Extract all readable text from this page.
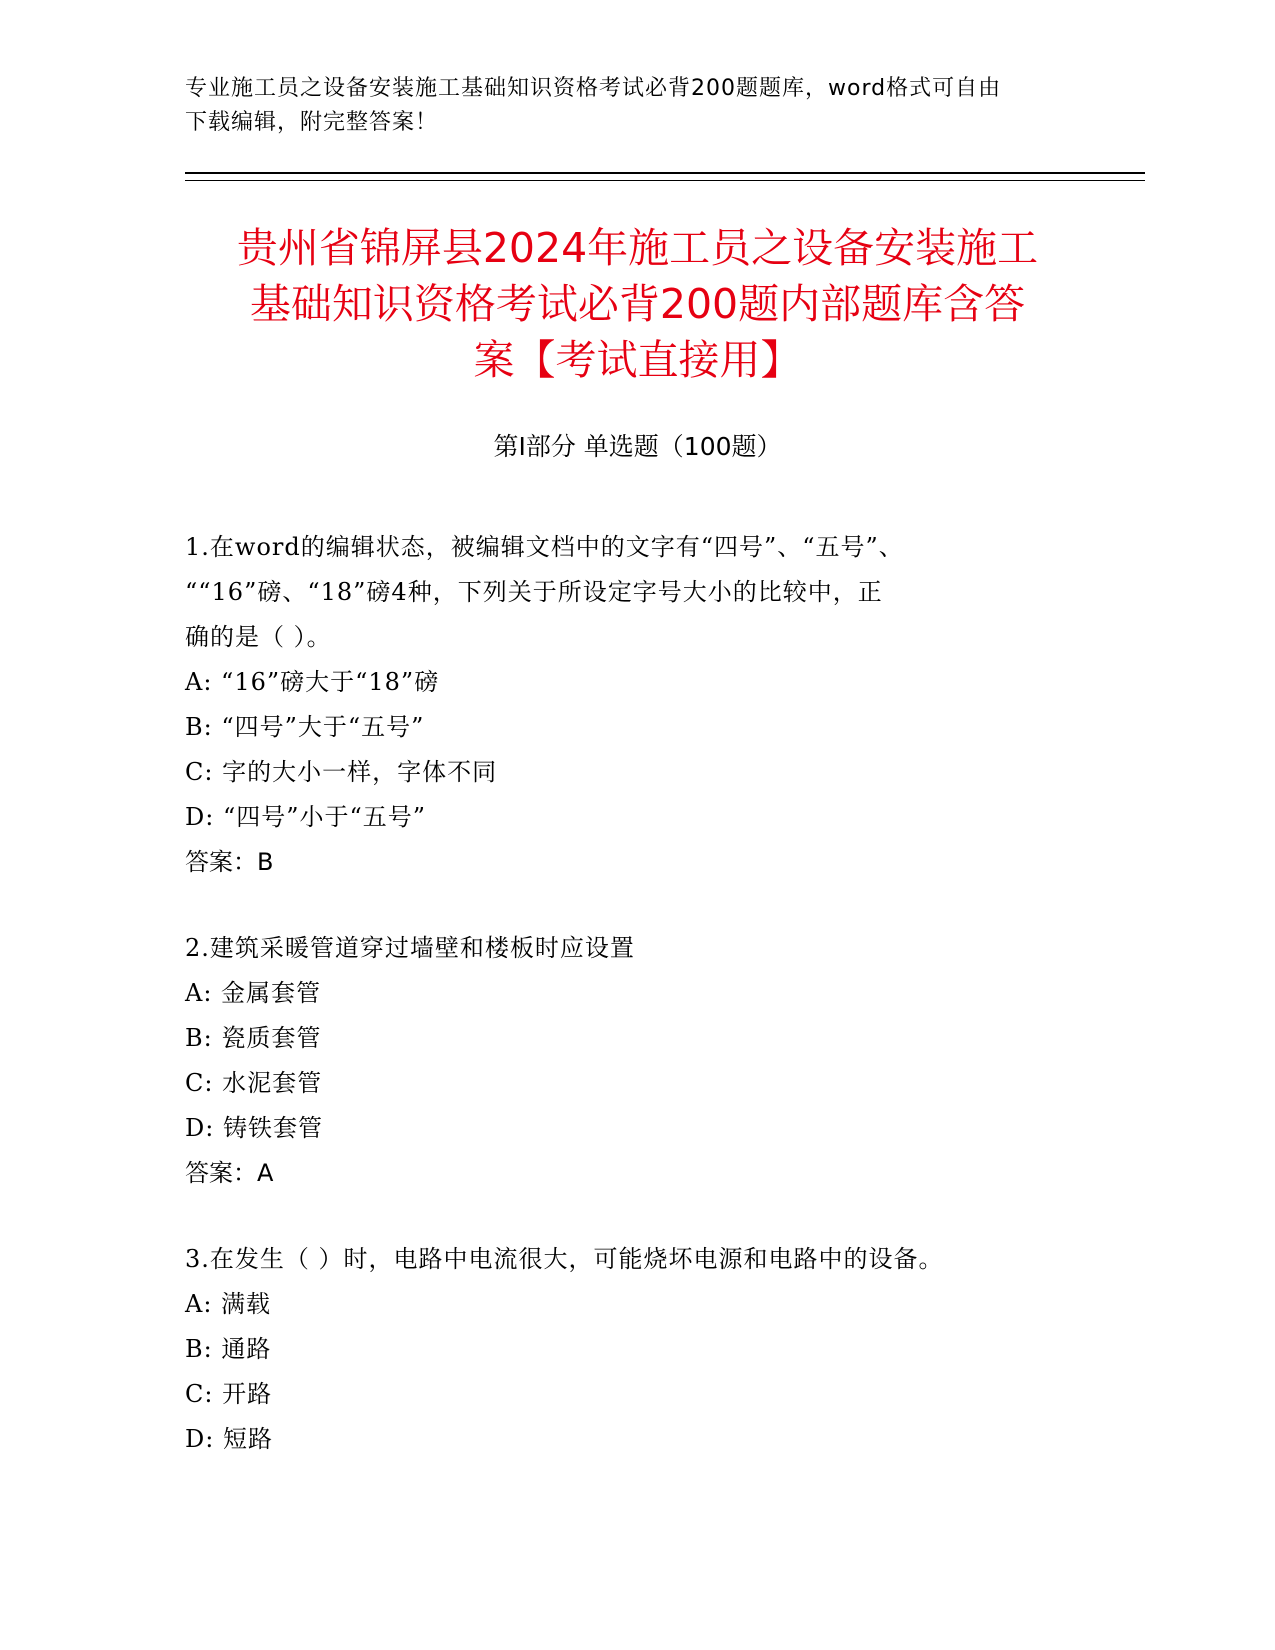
专业施工员之设备安装施工基础知识资格考试必背200题题库，word格式可自由
下载编辑，附完整答案！
贵州省锦屏县2024年施工员之设备安装施工
基础知识资格考试必背200题内部题库含答
案【考试直接用】
第I部分 单选题（100题）

1.在word的编辑状态，被编辑文档中的文字有“四号”、“五号”、

““16”磅、“18”磅4种，下列关于所设定字号大小的比较中，正

确的是（ ）。

A: “16”磅大于“18”磅

B: “四号”大于“五号”

C: 字的大小一样，字体不同

D: “四号”小于“五号”

答案：B

2.建筑采暖管道穿过墙壁和楼板时应设置

A: 金属套管

B: 瓷质套管

C: 水泥套管

D: 铸铁套管

答案：A

3.在发生（ ）时，电路中电流很大，可能烧坏电源和电路中的设备。

A: 满载

B: 通路

C: 开路

D: 短路
